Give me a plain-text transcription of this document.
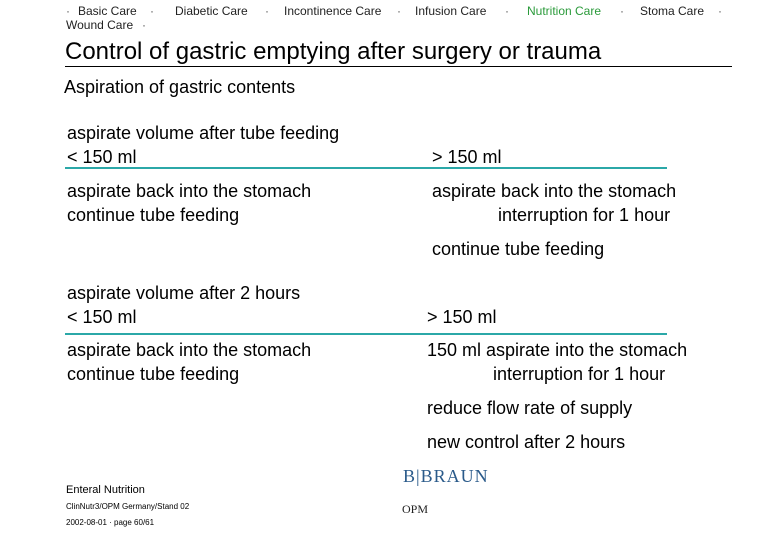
· Basic Care · Diabetic Care · Incontinence Care · Infusion Care · Nutrition Care · Stoma Care ·
Wound Care ·
Control of gastric emptying after surgery or trauma
Aspiration of gastric contents
aspirate volume after tube feeding
< 150 ml	> 150 ml
aspirate back into the stomach
continue tube feeding
aspirate back into the stomach
interruption for 1 hour
continue tube feeding
aspirate volume after 2 hours
< 150 ml	> 150 ml
aspirate back into the stomach
continue tube feeding
150 ml aspirate into the stomach
interruption for 1 hour
reduce flow rate of supply
new control after 2 hours
Enteral Nutrition
ClinNutr3/OPM Germany/Stand 02
2002-08-01 · page 60/61
B|BRAUN
OPM
